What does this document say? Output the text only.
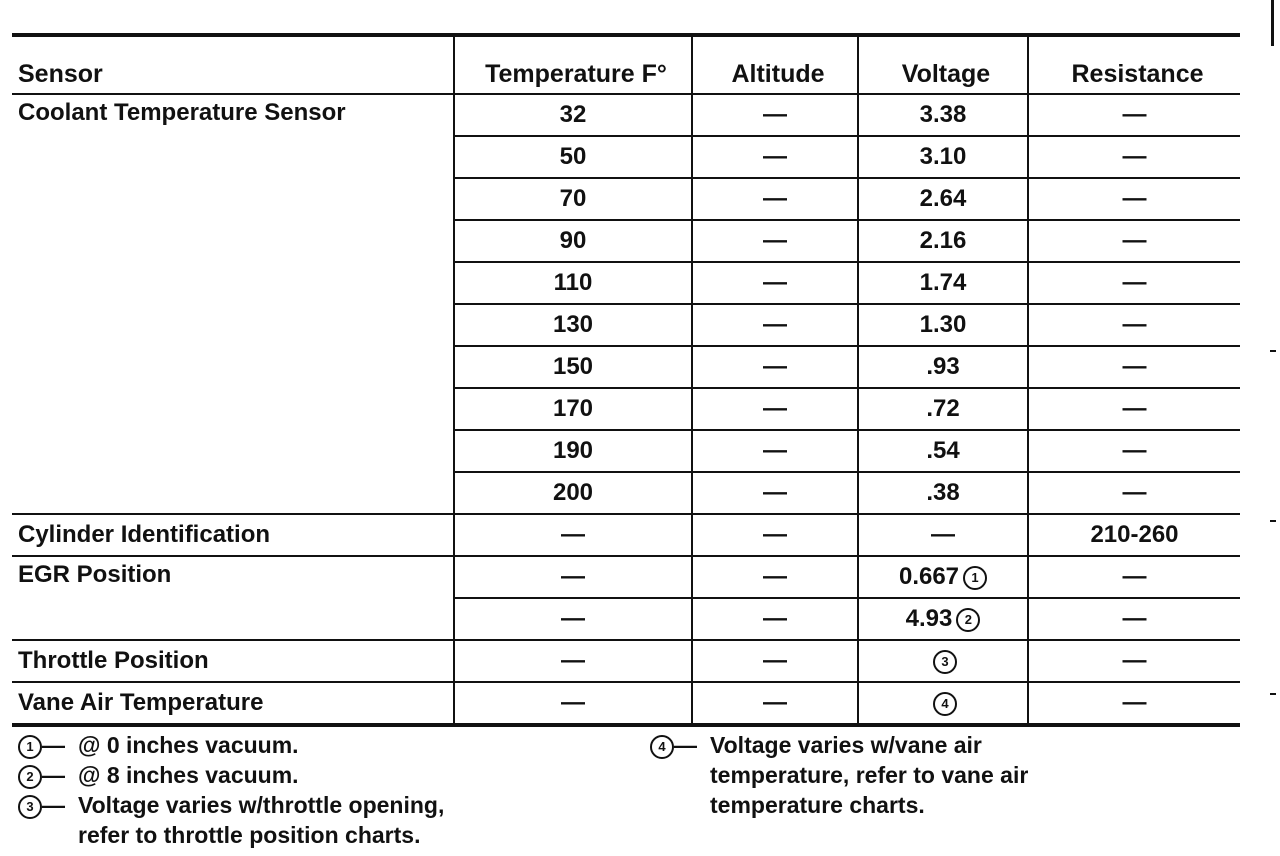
Sensor	Temperature F°	Altitude	Voltage	Resistance
Coolant Temperature Sensor	32	—	3.38	—
	50	—	3.10	—
	70	—	2.64	—
	90	—	2.16	—
	110	—	1.74	—
	130	—	1.30	—
	150	—	.93	—
	170	—	.72	—
	190	—	.54	—
	200	—	.38	—
Cylinder Identification	—	—	—	210-260
EGR Position	—	—	0.667 1	—
	—	—	4.93 2	—
Throttle Position	—	—	3	—
Vane Air Temperature	—	—	4	—
1 — @ 0 inches vacuum.
2 — @ 8 inches vacuum.
3 — Voltage varies w/throttle opening,
refer to throttle position charts.
4 — Voltage varies w/vane air
temperature, refer to vane air
temperature charts.
